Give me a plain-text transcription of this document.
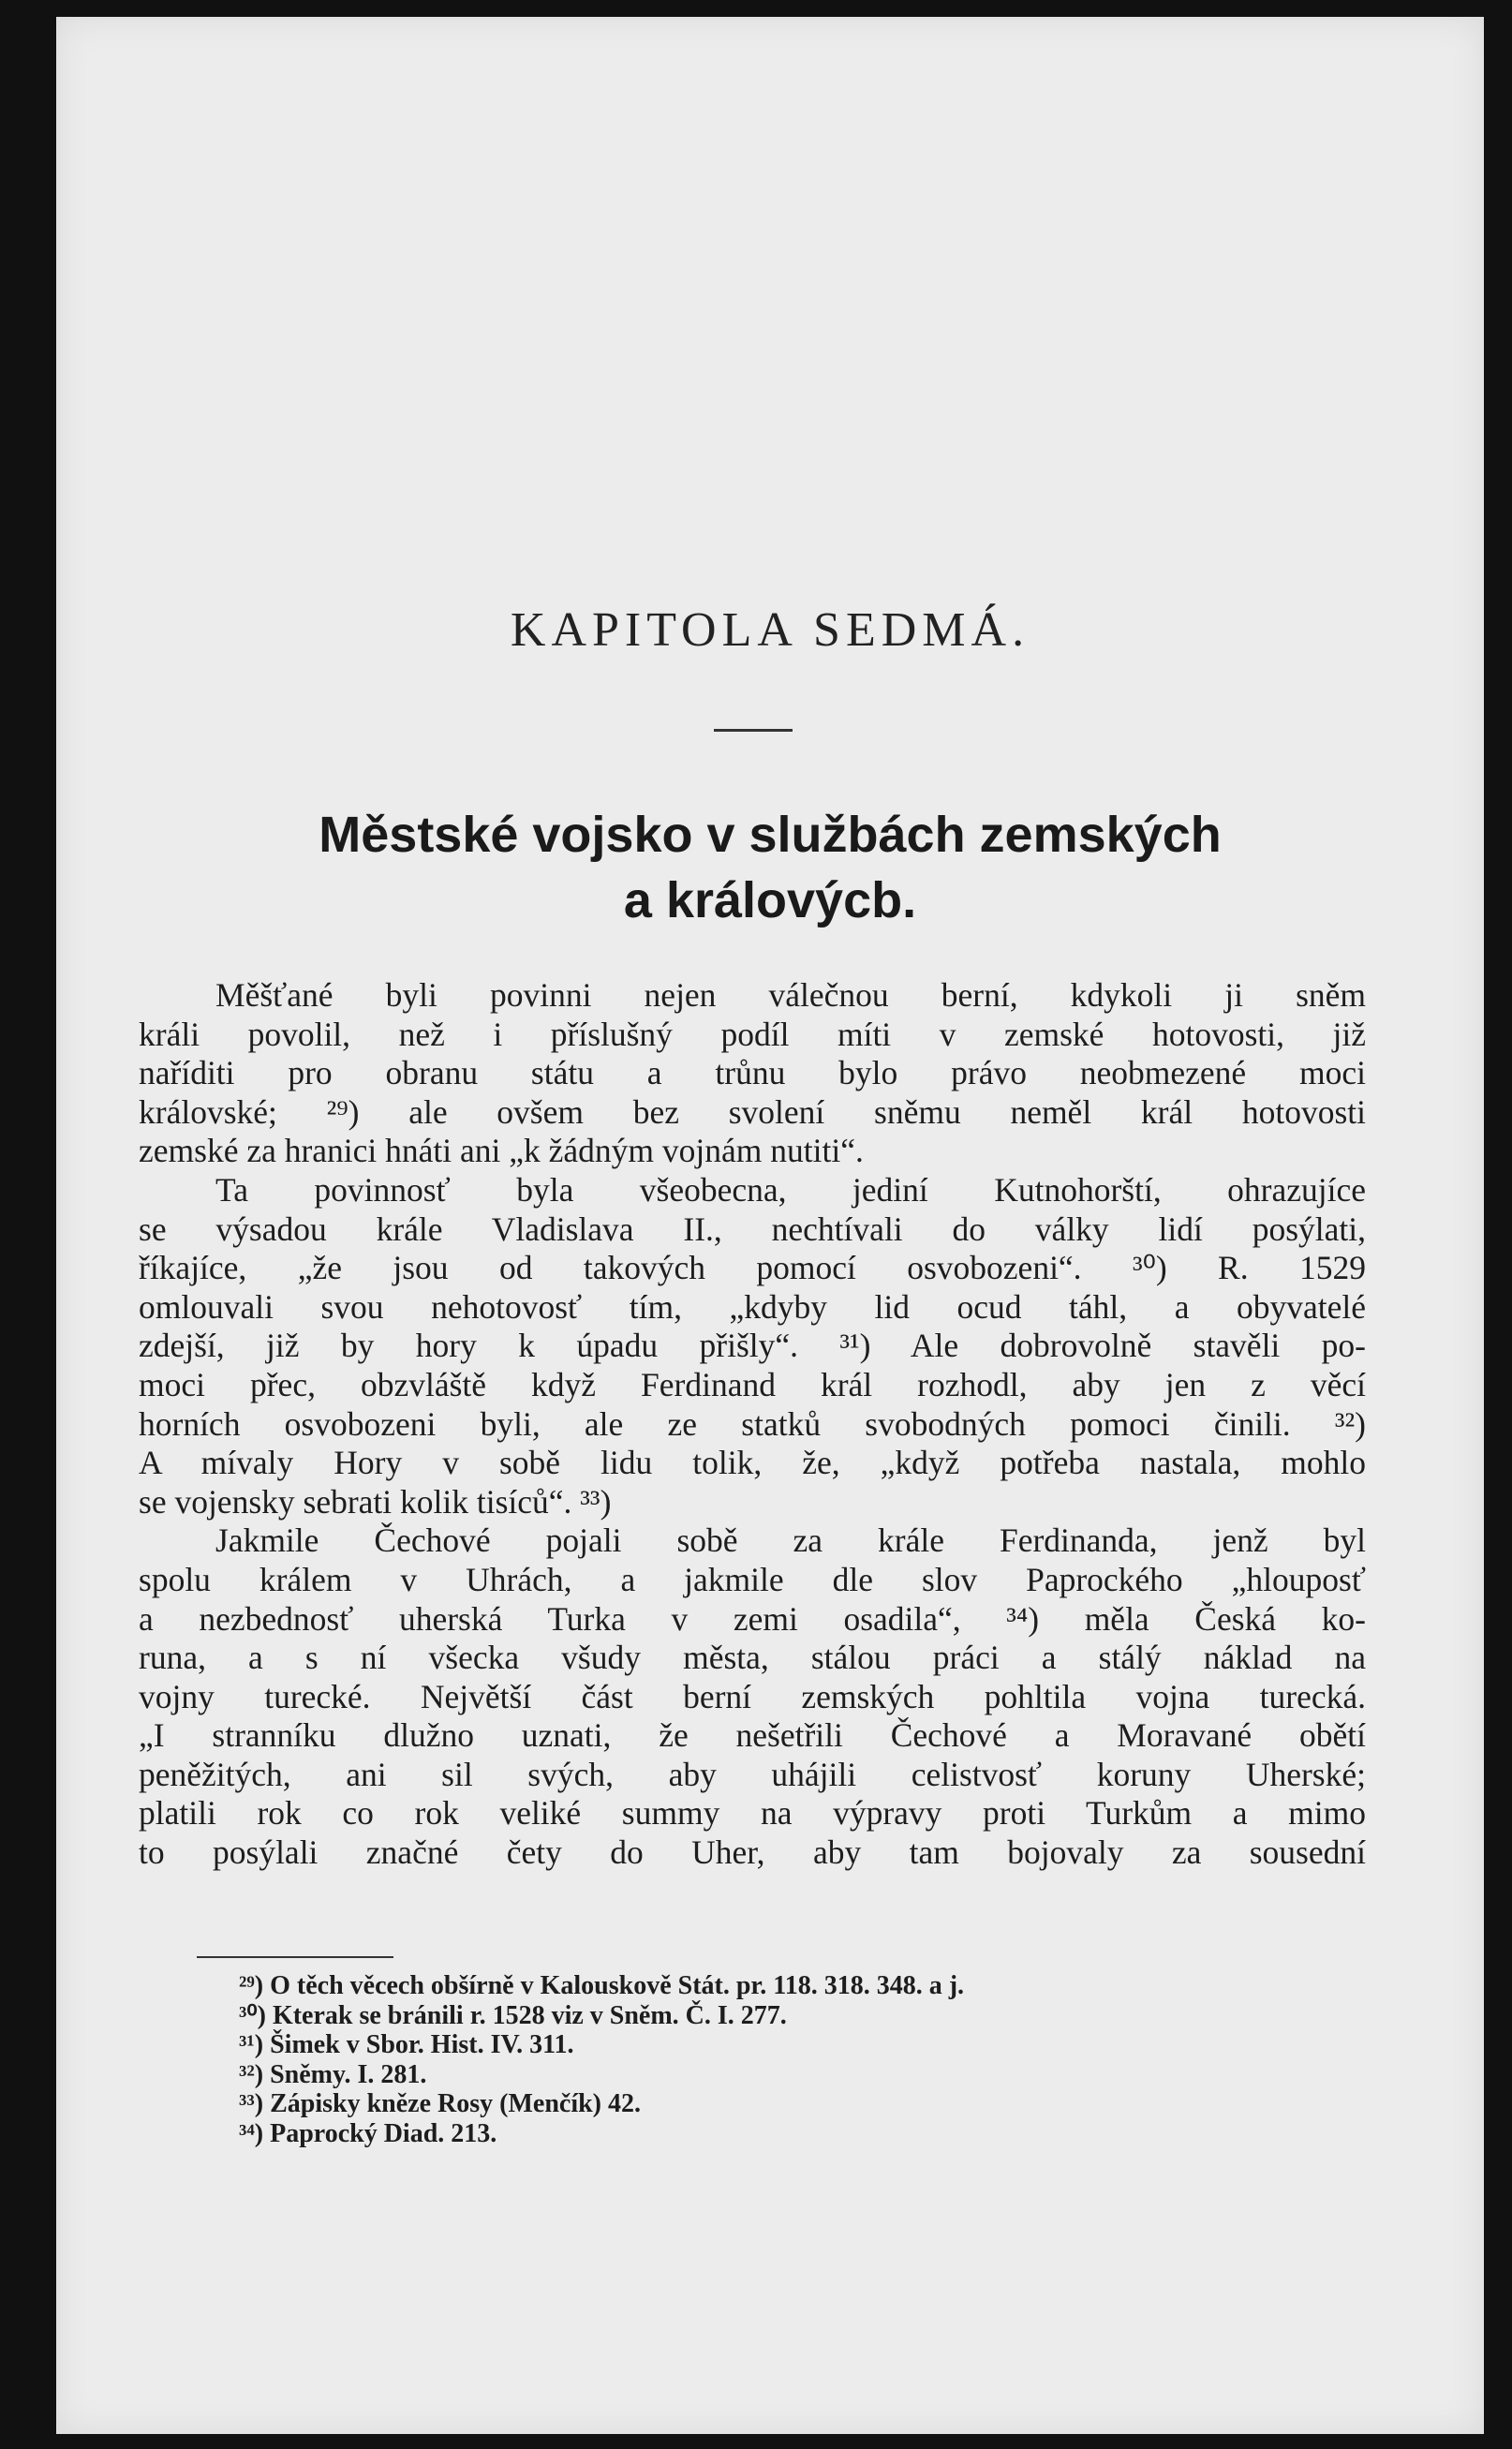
KAPITOLA SEDMÁ.
Městské vojsko v službách zemských
a královýcb.
Měšťané byli povinni nejen válečnou berní, kdykoli ji sněm
králi povolil, než i příslušný podíl míti v zemské hotovosti, již
naříditi pro obranu státu a trůnu bylo právo neobmezené moci
královské; ²⁹) ale ovšem bez svolení sněmu neměl král hotovosti
zemské za hranici hnáti ani „k žádným vojnám nutiti“.
Ta povinnosť byla všeobecna, jediní Kutnohorští, ohrazujíce
se výsadou krále Vladislava II., nechtívali do války lidí posýlati,
říkajíce, „že jsou od takových pomocí osvobozeni“. ³⁰) R. 1529
omlouvali svou nehotovosť tím, „kdyby lid ocud táhl, a obyvatelé
zdejší, již by hory k úpadu přišly“. ³¹) Ale dobrovolně stavěli po-
moci přec, obzvláště když Ferdinand král rozhodl, aby jen z věcí
horních osvobozeni byli, ale ze statků svobodných pomoci činili. ³²)
A mívaly Hory v sobě lidu tolik, že, „když potřeba nastala, mohlo
se vojensky sebrati kolik tisíců“. ³³)
Jakmile Čechové pojali sobě za krále Ferdinanda, jenž byl
spolu králem v Uhrách, a jakmile dle slov Paprockého „hlouposť
a nezbednosť uherská Turka v zemi osadila“, ³⁴) měla Česká ko-
runa, a s ní všecka všudy města, stálou práci a stálý náklad na
vojny turecké. Největší část berní zemských pohltila vojna turecká.
„I stranníku dlužno uznati, že nešetřili Čechové a Moravané obětí
peněžitých, ani sil svých, aby uhájili celistvosť koruny Uherské;
platili rok co rok veliké summy na výpravy proti Turkům a mimo
to posýlali značné čety do Uher, aby tam bojovaly za sousední
²⁹) O těch věcech obšírně v Kalouskově Stát. pr. 118. 318. 348. a j.
³⁰) Kterak se bránili r. 1528 viz v Sněm. Č. I. 277.
³¹) Šimek v Sbor. Hist. IV. 311.
³²) Sněmy. I. 281.
³³) Zápisky kněze Rosy (Menčík) 42.
³⁴) Paprocký Diad. 213.
